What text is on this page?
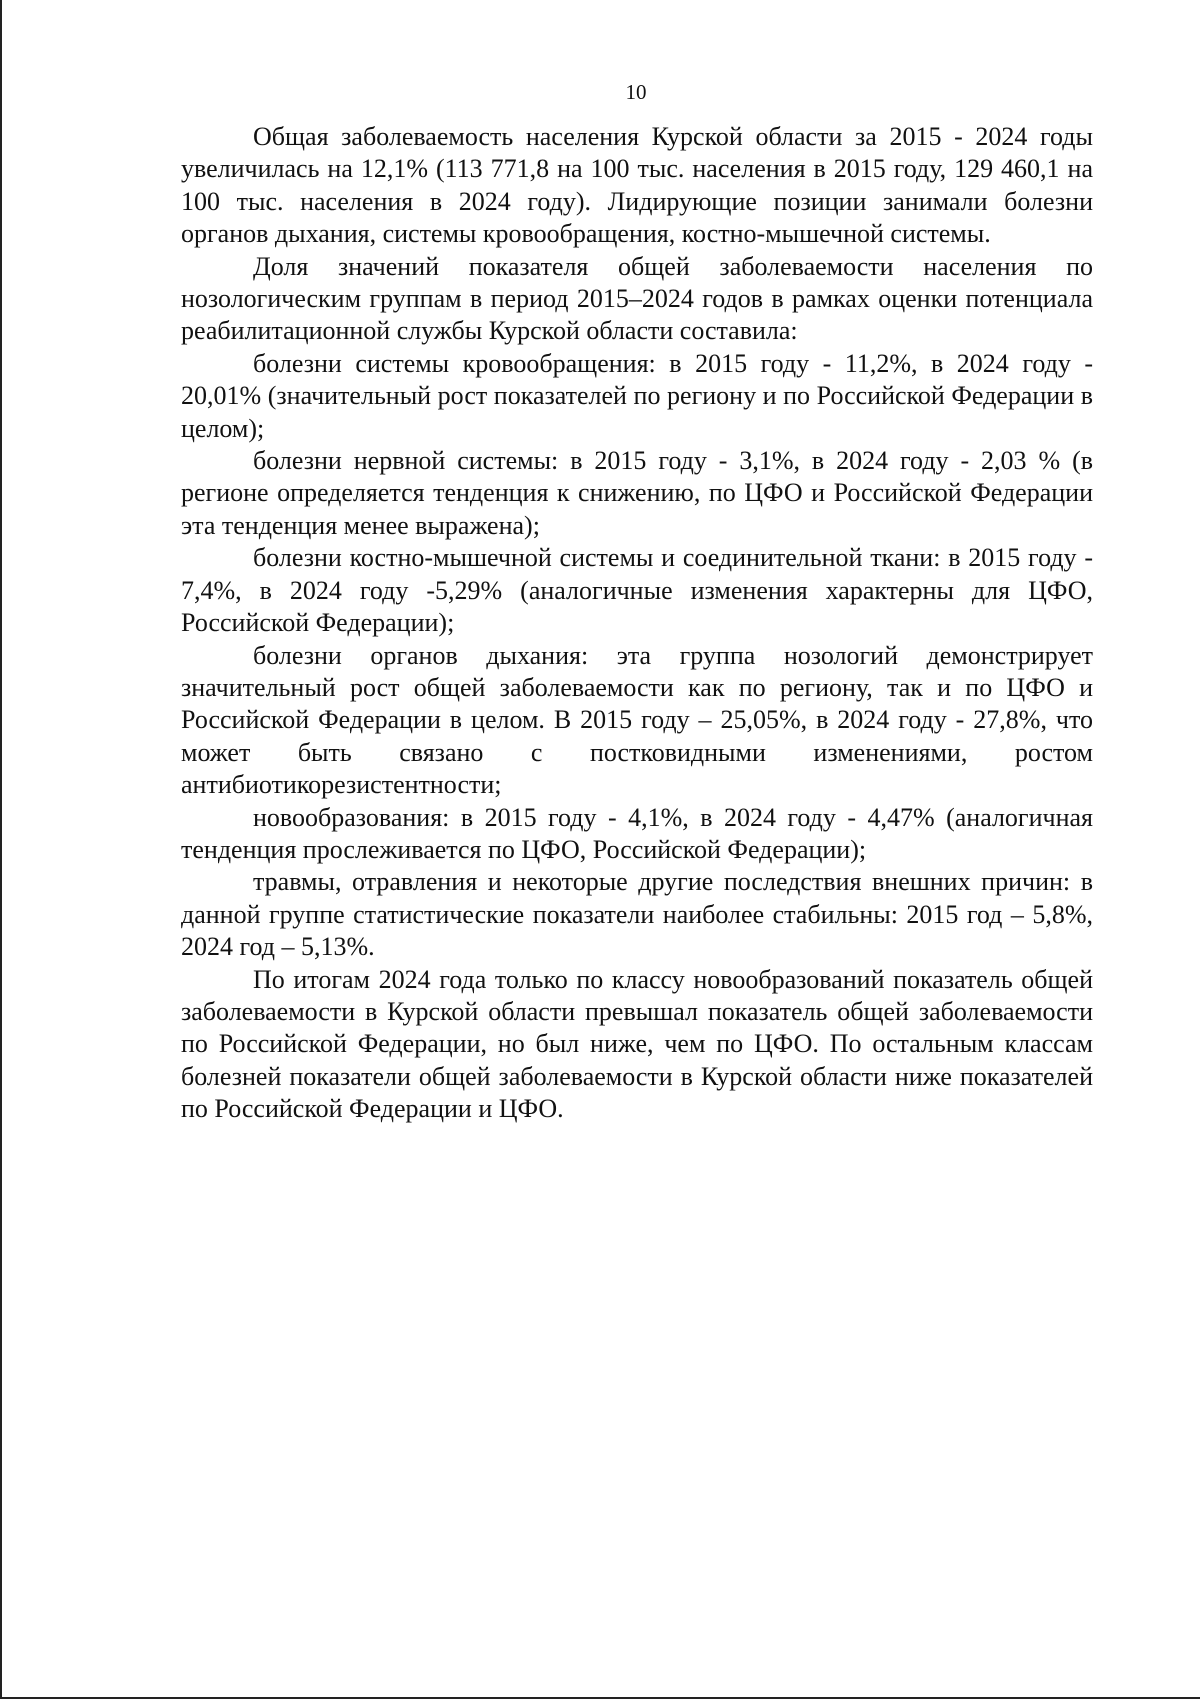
10

Общая заболеваемость населения Курской области за 2015 - 2024 годы увеличилась на 12,1% (113 771,8 на 100 тыс. населения в 2015 году, 129 460,1 на 100 тыс. населения в 2024 году). Лидирующие позиции занимали болезни органов дыхания, системы кровообращения, костно-мышечной системы.

Доля значений показателя общей заболеваемости населения по нозологическим группам в период 2015–2024 годов в рамках оценки потенциала реабилитационной службы Курской области составила:

болезни системы кровообращения: в 2015 году - 11,2%, в 2024 году - 20,01% (значительный рост показателей по региону и по Российской Федерации в целом);

болезни нервной системы: в 2015 году - 3,1%, в 2024 году - 2,03 % (в регионе определяется тенденция к снижению, по ЦФО и Российской Федерации эта тенденция менее выражена);

болезни костно-мышечной системы и соединительной ткани: в 2015 году - 7,4%, в 2024 году -5,29% (аналогичные изменения характерны для ЦФО, Российской Федерации);

болезни органов дыхания: эта группа нозологий демонстрирует значительный рост общей заболеваемости как по региону, так и по ЦФО и Российской Федерации в целом. В 2015 году – 25,05%, в 2024 году - 27,8%, что может быть связано с постковидными изменениями, ростом антибиотикорезистентности;

новообразования: в 2015 году - 4,1%, в 2024 году - 4,47% (аналогичная тенденция прослеживается по ЦФО, Российской Федерации);

травмы, отравления и некоторые другие последствия внешних причин: в данной группе статистические показатели наиболее стабильны: 2015 год – 5,8%, 2024 год – 5,13%.

По итогам 2024 года только по классу новообразований показатель общей заболеваемости в Курской области превышал показатель общей заболеваемости по Российской Федерации, но был ниже, чем по ЦФО. По остальным классам болезней показатели общей заболеваемости в Курской области ниже показателей по Российской Федерации и ЦФО.
